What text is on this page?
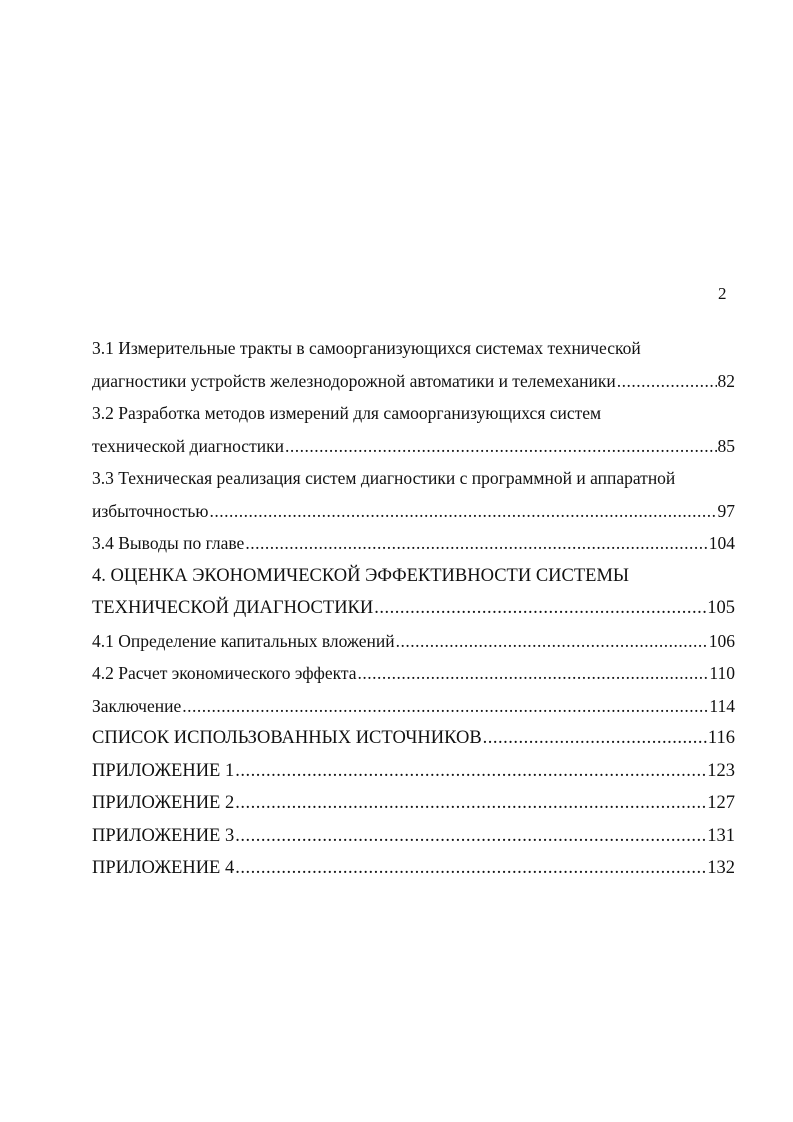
2
3.1 Измерительные тракты в самоорганизующихся системах технической
диагностики устройств железнодорожной автоматики и телемеханики .....	82
3.2 Разработка методов измерений для самоорганизующихся систем
технической диагностики .....	85
3.3 Техническая реализация систем диагностики с программной и аппаратной
избыточностью .....	97
3.4 Выводы по главе .....	104
4. ОЦЕНКА ЭКОНОМИЧЕСКОЙ ЭФФЕКТИВНОСТИ СИСТЕМЫ
ТЕХНИЧЕСКОЙ ДИАГНОСТИКИ .....	105
4.1 Определение капитальных вложений .....	106
4.2 Расчет экономического эффекта .....	110
Заключение .....	114
СПИСОК ИСПОЛЬЗОВАННЫХ ИСТОЧНИКОВ .....	116
ПРИЛОЖЕНИЕ 1 .....	123
ПРИЛОЖЕНИЕ 2 .....	127
ПРИЛОЖЕНИЕ 3 .....	131
ПРИЛОЖЕНИЕ 4 .....	132
